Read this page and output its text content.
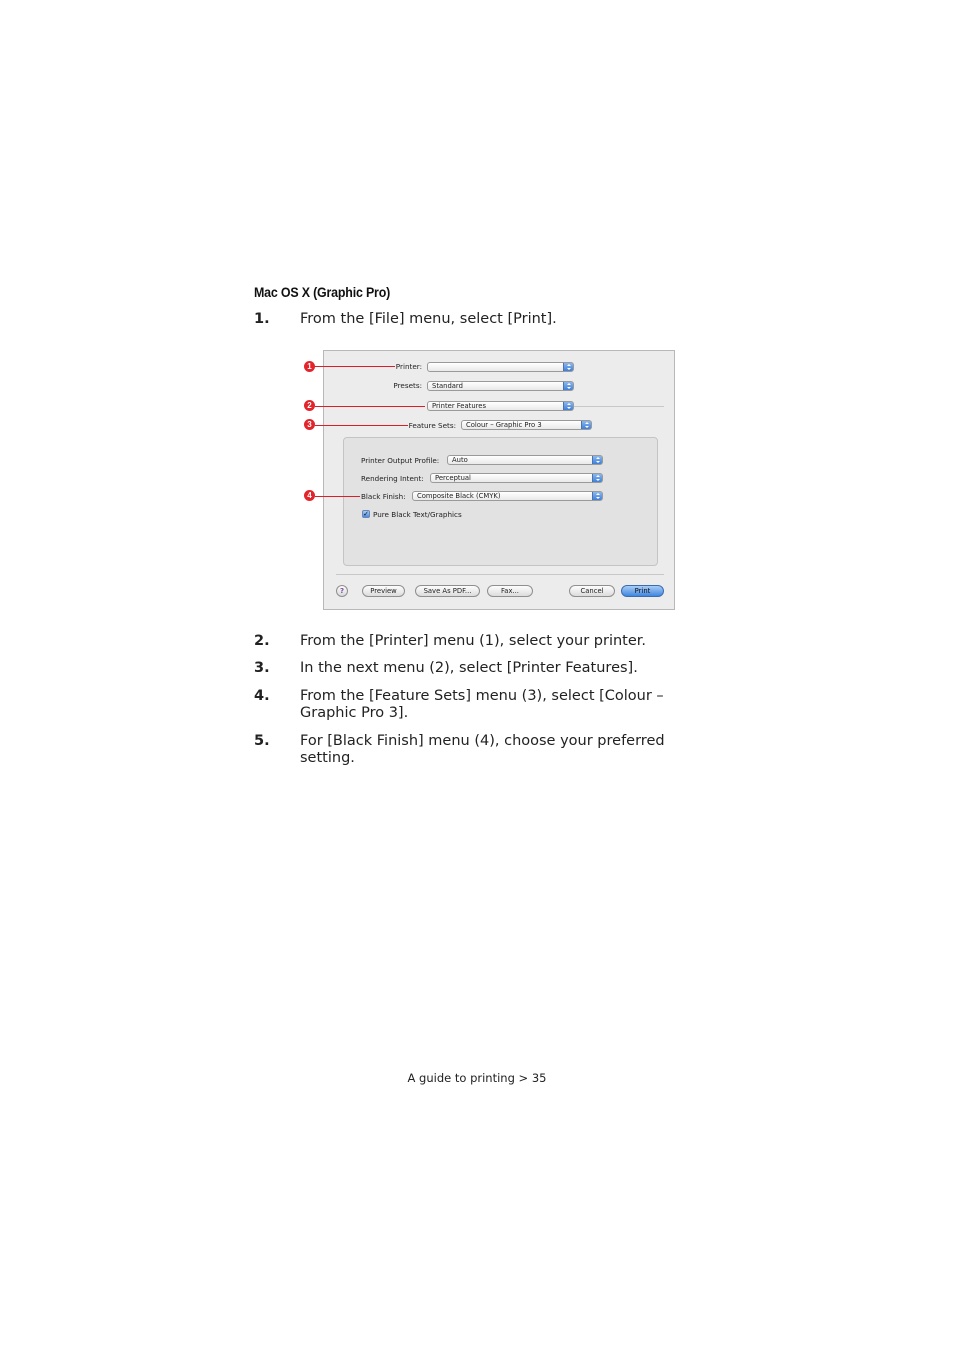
Mac OS X (Graphic Pro)
1. From the [File] menu, select [Print].
Printer:
Presets:	Standard
Printer Features
Feature Sets:	Colour – Graphic Pro 3
Printer Output Profile:	Auto
Rendering Intent:	Perceptual
Black Finish:	Composite Black (CMYK)
✓ Pure Black Text/Graphics
?	Preview	Save As PDF...	Fax...	Cancel	Print
1
2
3
4
2. From the [Printer] menu (1), select your printer.
3. In the next menu (2), select [Printer Features].
4. From the [Feature Sets] menu (3), select [Colour – Graphic Pro 3].
5. For [Black Finish] menu (4), choose your preferred setting.
A guide to printing > 35
